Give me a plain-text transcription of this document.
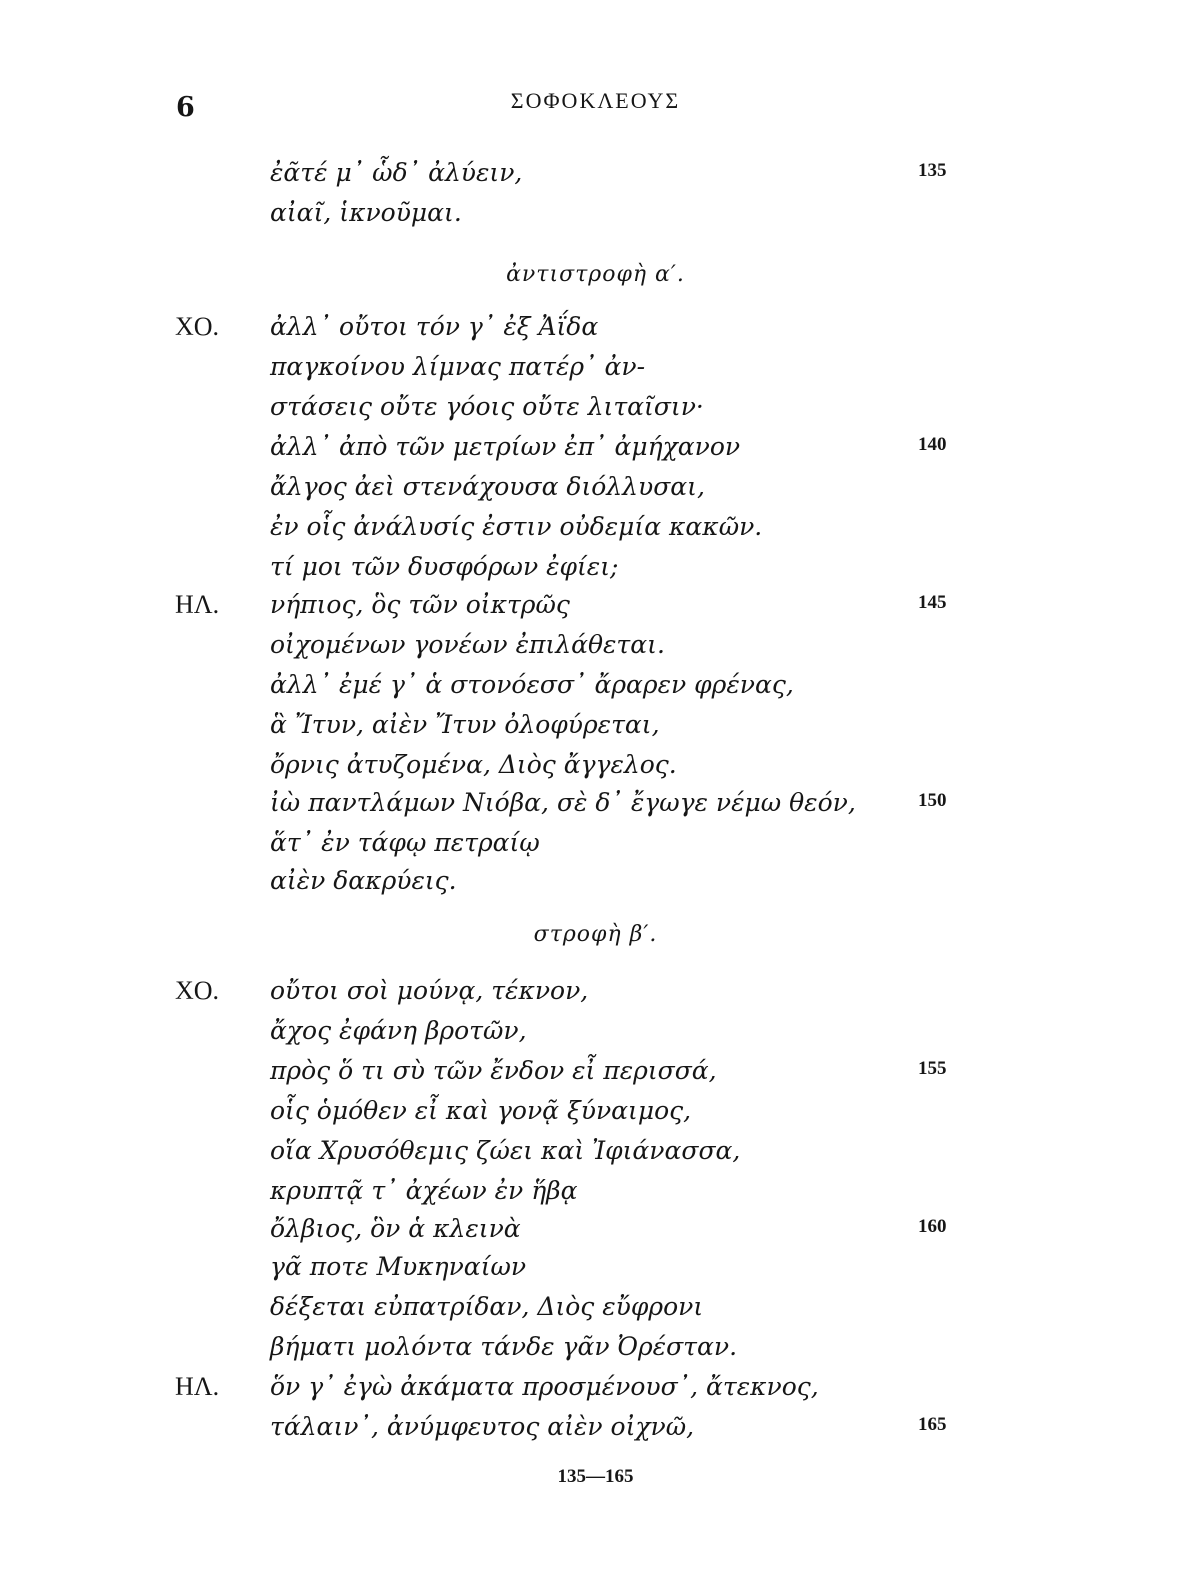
6	ΣΟΦΟΚΛΕΟΥΣ
ἐᾶτέ μ᾽ ὧδ᾽ ἀλύειν,	135
αἰαῖ, ἱκνοῦμαι.
ἀντιστροφὴ α′.
ΧΟ. ἀλλ᾽ οὔτοι τόν γ᾽ ἐξ Ἀΐδα
παγκοίνου λίμνας πατέρ᾽ ἀν-
στάσεις οὔτε γόοις οὔτε λιταῖσιν·
ἀλλ᾽ ἀπὸ τῶν μετρίων ἐπ᾽ ἀμήχανον	140
ἄλγος ἀεὶ στενάχουσα διόλλυσαι,
ἐν οἷς ἀνάλυσίς ἐστιν οὐδεμία κακῶν.
τί μοι τῶν δυσφόρων ἐφίει;
ΗΛ. νήπιος, ὃς τῶν οἰκτρῶς	145
οἰχομένων γονέων ἐπιλάθεται.
ἀλλ᾽ ἐμέ γ᾽ ἁ στονόεσσ᾽ ἄραρεν φρένας,
ἃ Ἴτυν, αἰὲν Ἴτυν ὀλοφύρεται,
ὄρνις ἀτυζομένα, Διὸς ἄγγελος.
ἰὼ παντλάμων Νιόβα, σὲ δ᾽ ἔγωγε νέμω θεόν,	150
ἅτ᾽ ἐν τάφῳ πετραίῳ
αἰὲν δακρύεις.
στροφὴ β′.
ΧΟ. οὔτοι σοὶ μούνᾳ, τέκνον,
ἄχος ἐφάνη βροτῶν,
πρὸς ὅ τι σὺ τῶν ἔνδον εἶ περισσά,	155
οἷς ὁμόθεν εἶ καὶ γονᾷ ξύναιμος,
οἵα Χρυσόθεμις ζώει καὶ Ἰφιάνασσα,
κρυπτᾷ τ᾽ ἀχέων ἐν ἥβᾳ
ὄλβιος, ὃν ἁ κλεινὰ	160
γᾶ ποτε Μυκηναίων
δέξεται εὐπατρίδαν, Διὸς εὔφρονι
βήματι μολόντα τάνδε γᾶν Ὀρέσταν.
ΗΛ. ὅν γ᾽ ἐγὼ ἀκάματα προσμένουσ᾽, ἄτεκνος,
τάλαιν᾽, ἀνύμφευτος αἰὲν οἰχνῶ,	165
135—165
